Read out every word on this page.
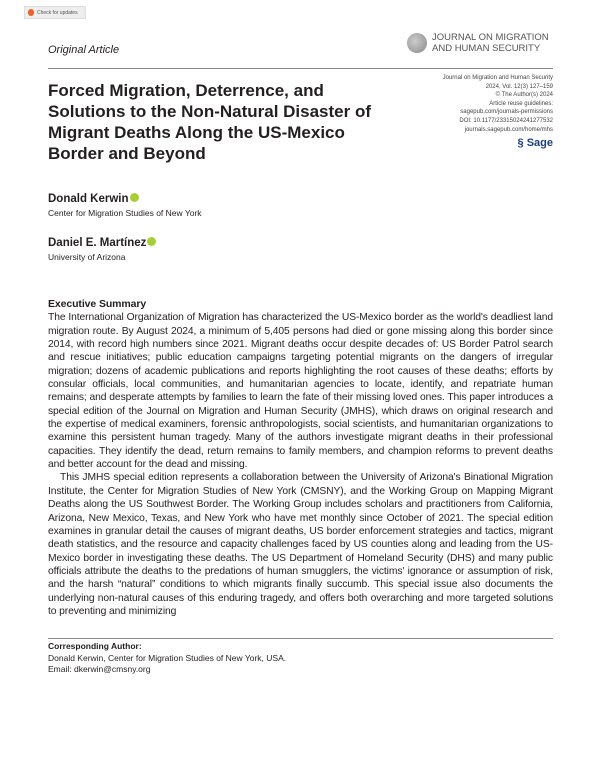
Check for updates
Original Article
JOURNAL ON MIGRATION
AND HUMAN SECURITY
Forced Migration, Deterrence, and Solutions to the Non-Natural Disaster of Migrant Deaths Along the US-Mexico Border and Beyond
Journal on Migration and Human Security
2024, Vol. 12(3) 127–159
© The Author(s) 2024
Article reuse guidelines:
sagepub.com/journals-permissions
DOI: 10.1177/23315024241277532
journals.sagepub.com/home/mhs
§ Sage
Donald Kerwin
Center for Migration Studies of New York
Daniel E. Martínez
University of Arizona
Executive Summary

The International Organization of Migration has characterized the US-Mexico border as the world's deadliest land migration route. By August 2024, a minimum of 5,405 persons had died or gone missing along this border since 2014, with record high numbers since 2021. Migrant deaths occur despite decades of: US Border Patrol search and rescue initiatives; public education campaigns targeting potential migrants on the dangers of irregular migration; dozens of academic publications and reports highlighting the root causes of these deaths; efforts by consular officials, local communities, and humanitarian agencies to locate, identify, and repatriate human remains; and desperate attempts by families to learn the fate of their missing loved ones. This paper introduces a special edition of the Journal on Migration and Human Security (JMHS), which draws on original research and the expertise of medical examiners, forensic anthropologists, social scientists, and humanitarian organizations to examine this persistent human tragedy. Many of the authors investigate migrant deaths in their professional capacities. They identify the dead, return remains to family members, and champion reforms to prevent deaths and better account for the dead and missing.

This JMHS special edition represents a collaboration between the University of Arizona's Binational Migration Institute, the Center for Migration Studies of New York (CMSNY), and the Working Group on Mapping Migrant Deaths along the US Southwest Border. The Working Group includes scholars and practitioners from California, Arizona, New Mexico, Texas, and New York who have met monthly since October of 2021. The special edition examines in granular detail the causes of migrant deaths, US border enforcement strategies and tactics, migrant death statistics, and the resource and capacity challenges faced by US counties along and leading from the US-Mexico border in investigating these deaths. The US Department of Homeland Security (DHS) and many public officials attribute the deaths to the predations of human smugglers, the victims' ignorance or assumption of risk, and the harsh “natural” conditions to which migrants finally succumb. This special issue also documents the underlying non-natural causes of this enduring tragedy, and offers both overarching and more targeted solutions to preventing and minimizing

Corresponding Author:
Donald Kerwin, Center for Migration Studies of New York, USA.
Email: dkerwin@cmsny.org
